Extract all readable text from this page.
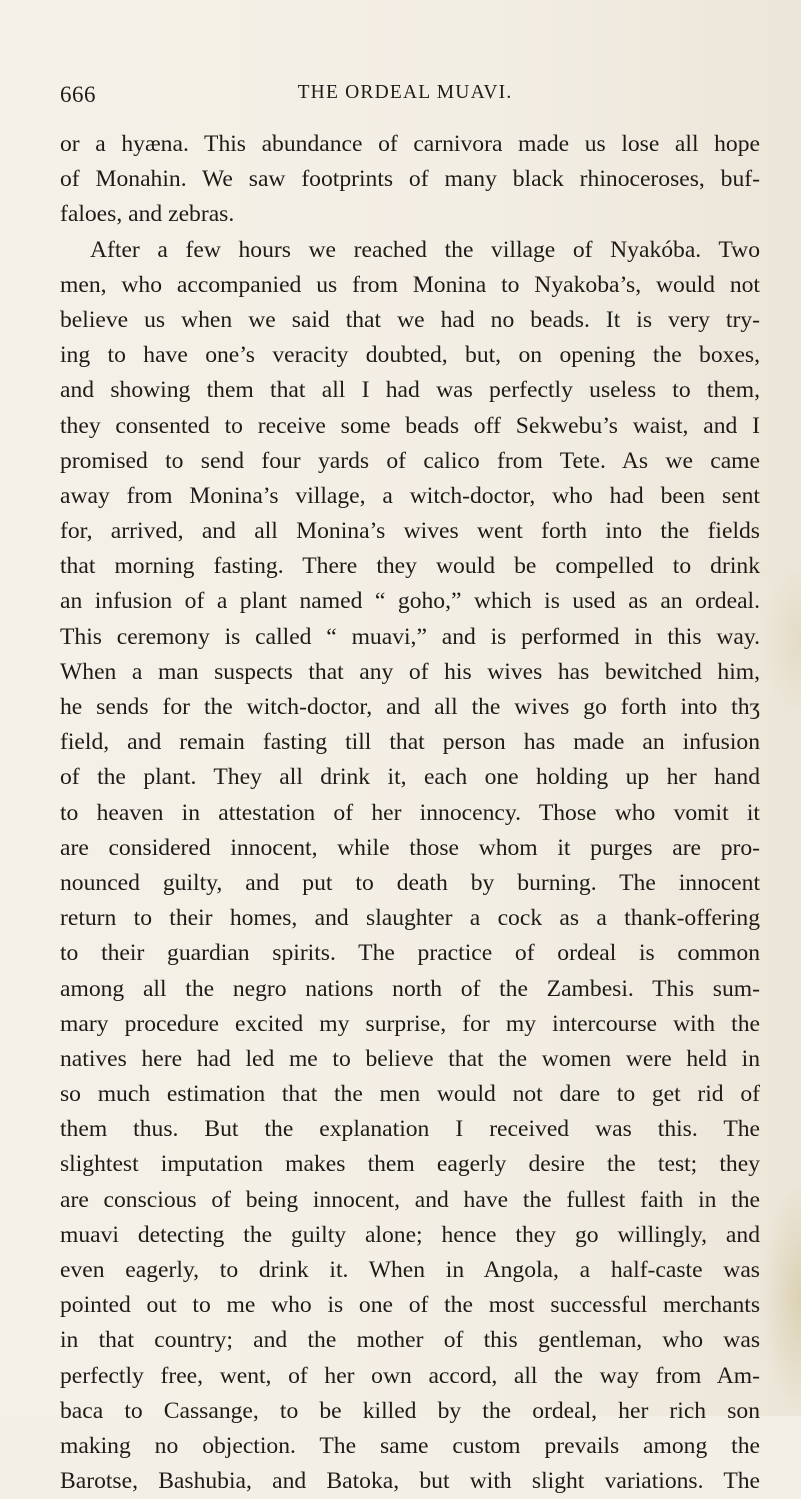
666	THE ORDEAL MUAVI.
or a hyæna. This abundance of carnivora made us lose all hope
of Monahin. We saw footprints of many black rhinoceroses, buf-
faloes, and zebras.
After a few hours we reached the village of Nyakóba. Two
men, who accompanied us from Monina to Nyakoba’s, would not
believe us when we said that we had no beads. It is very try-
ing to have one’s veracity doubted, but, on opening the boxes,
and showing them that all I had was perfectly useless to them,
they consented to receive some beads off Sekwebu’s waist, and I
promised to send four yards of calico from Tete. As we came
away from Monina’s village, a witch-doctor, who had been sent
for, arrived, and all Monina’s wives went forth into the fields
that morning fasting. There they would be compelled to drink
an infusion of a plant named “ goho,” which is used as an ordeal.
This ceremony is called “ muavi,” and is performed in this way.
When a man suspects that any of his wives has bewitched him,
he sends for the witch-doctor, and all the wives go forth into thʒ
field, and remain fasting till that person has made an infusion
of the plant. They all drink it, each one holding up her hand
to heaven in attestation of her innocency. Those who vomit it
are considered innocent, while those whom it purges are pro-
nounced guilty, and put to death by burning. The innocent
return to their homes, and slaughter a cock as a thank-offering
to their guardian spirits. The practice of ordeal is common
among all the negro nations north of the Zambesi. This sum-
mary procedure excited my surprise, for my intercourse with the
natives here had led me to believe that the women were held in
so much estimation that the men would not dare to get rid of
them thus. But the explanation I received was this. The
slightest imputation makes them eagerly desire the test; they
are conscious of being innocent, and have the fullest faith in the
muavi detecting the guilty alone; hence they go willingly, and
even eagerly, to drink it. When in Angola, a half-caste was
pointed out to me who is one of the most successful merchants
in that country; and the mother of this gentleman, who was
perfectly free, went, of her own accord, all the way from Am-
baca to Cassange, to be killed by the ordeal, her rich son
making no objection. The same custom prevails among the
Barotse, Bashubia, and Batoka, but with slight variations. The
